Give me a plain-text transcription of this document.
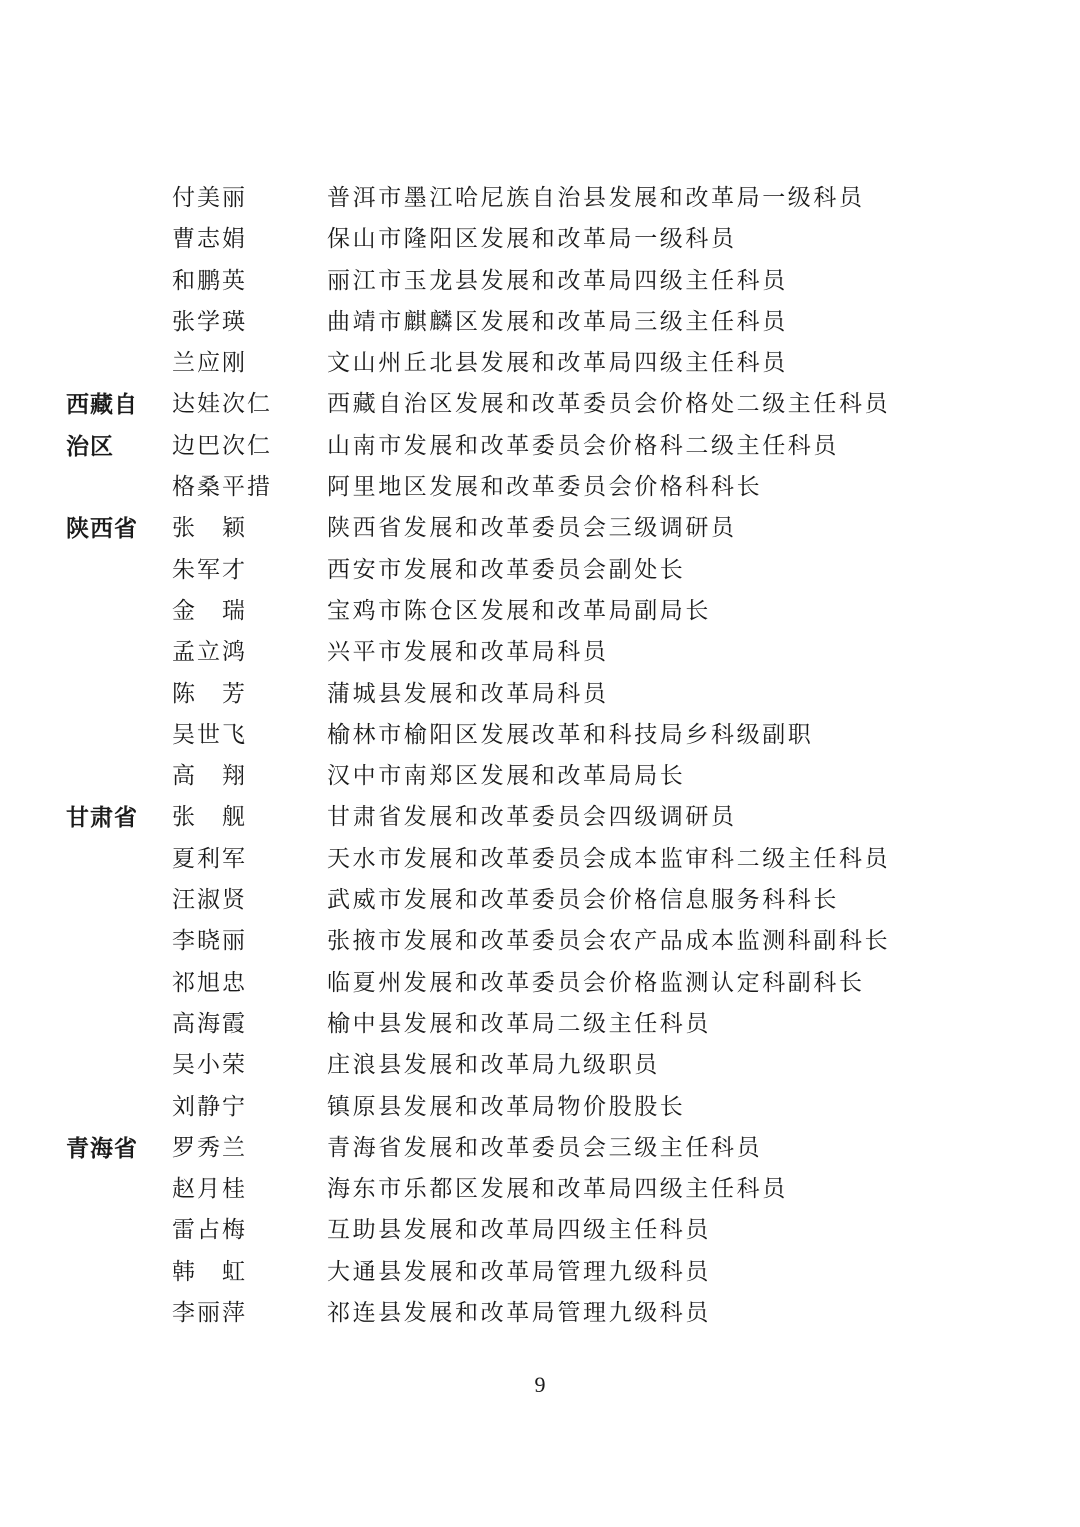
付美丽	普洱市墨江哈尼族自治县发展和改革局一级科员
曹志娟	保山市隆阳区发展和改革局一级科员
和鹏英	丽江市玉龙县发展和改革局四级主任科员
张学瑛	曲靖市麒麟区发展和改革局三级主任科员
兰应刚	文山州丘北县发展和改革局四级主任科员
西藏自 达娃次仁 西藏自治区发展和改革委员会价格处二级主任科员
治区	边巴次仁 山南市发展和改革委员会价格科二级主任科员
格桑平措 阿里地区发展和改革委员会价格科科长
陕西省 张　颖	陕西省发展和改革委员会三级调研员
朱军才	西安市发展和改革委员会副处长
金　瑞	宝鸡市陈仓区发展和改革局副局长
孟立鸿	兴平市发展和改革局科员
陈　芳	蒲城县发展和改革局科员
吴世飞	榆林市榆阳区发展改革和科技局乡科级副职
高　翔	汉中市南郑区发展和改革局局长
甘肃省 张　舰	甘肃省发展和改革委员会四级调研员
夏利军	天水市发展和改革委员会成本监审科二级主任科员
汪淑贤	武威市发展和改革委员会价格信息服务科科长
李晓丽	张掖市发展和改革委员会农产品成本监测科副科长
祁旭忠	临夏州发展和改革委员会价格监测认定科副科长
高海霞	榆中县发展和改革局二级主任科员
吴小荣	庄浪县发展和改革局九级职员
刘静宁	镇原县发展和改革局物价股股长
青海省 罗秀兰	青海省发展和改革委员会三级主任科员
赵月桂	海东市乐都区发展和改革局四级主任科员
雷占梅	互助县发展和改革局四级主任科员
韩　虹	大通县发展和改革局管理九级科员
李丽萍	祁连县发展和改革局管理九级科员
9
